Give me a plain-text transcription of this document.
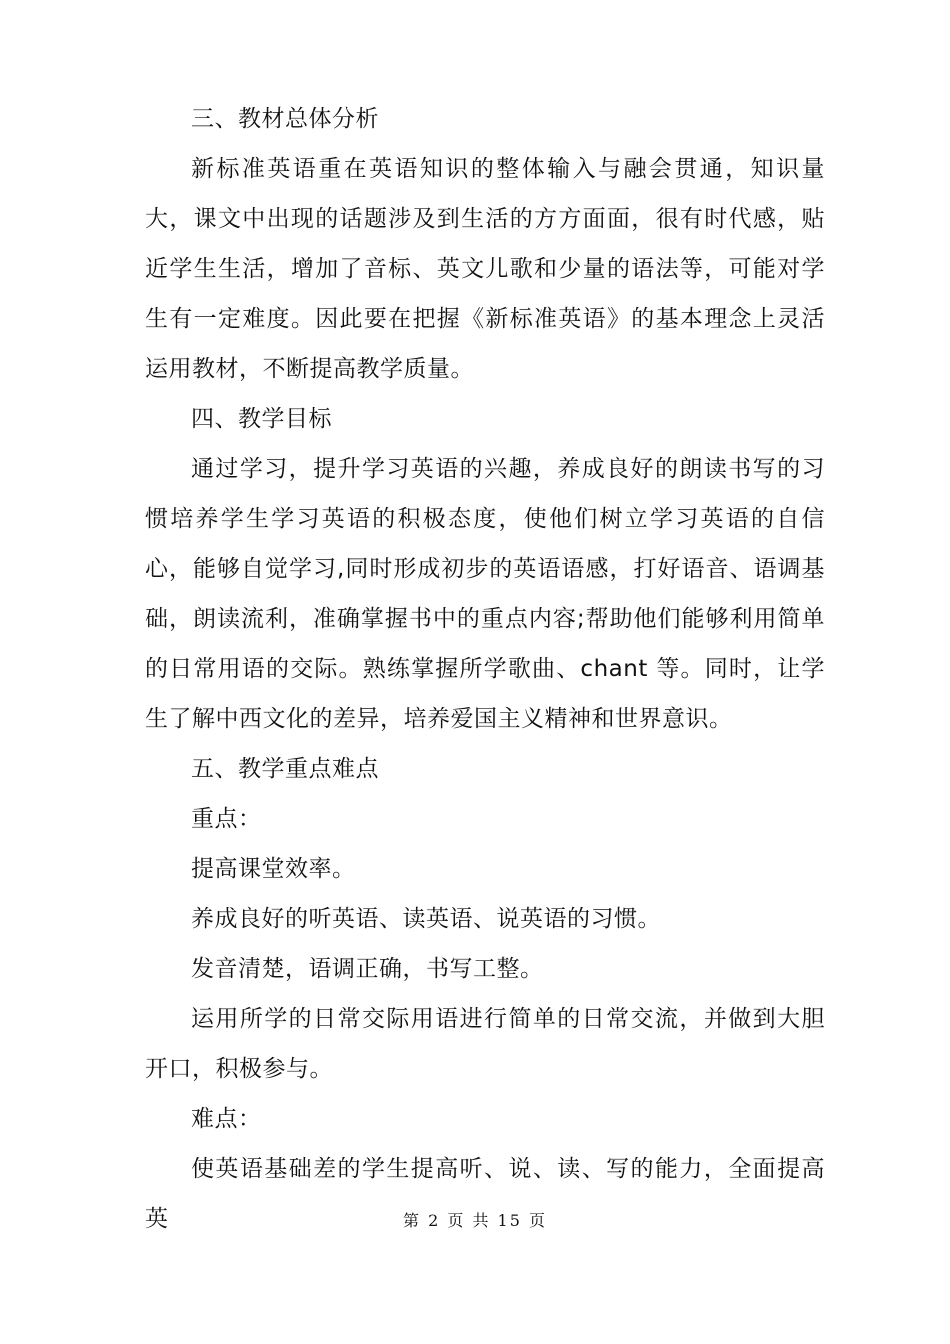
三、教材总体分析

新标准英语重在英语知识的整体输入与融会贯通，知识量大，课文中出现的话题涉及到生活的方方面面，很有时代感，贴近学生生活，增加了音标、英文儿歌和少量的语法等，可能对学生有一定难度。因此要在把握《新标准英语》的基本理念上灵活运用教材，不断提高教学质量。

四、教学目标

通过学习，提升学习英语的兴趣，养成良好的朗读书写的习惯培养学生学习英语的积极态度，使他们树立学习英语的自信心，能够自觉学习,同时形成初步的英语语感，打好语音、语调基础，朗读流利，准确掌握书中的重点内容;帮助他们能够利用简单的日常用语的交际。熟练掌握所学歌曲、chant 等。同时，让学生了解中西文化的差异，培养爱国主义精神和世界意识。

五、教学重点难点

重点：

提高课堂效率。

养成良好的听英语、读英语、说英语的习惯。

发音清楚，语调正确，书写工整。

运用所学的日常交际用语进行简单的日常交流，并做到大胆开口，积极参与。

难点：

使英语基础差的学生提高听、说、读、写的能力，全面提高英	第 2 页 共 15 页
